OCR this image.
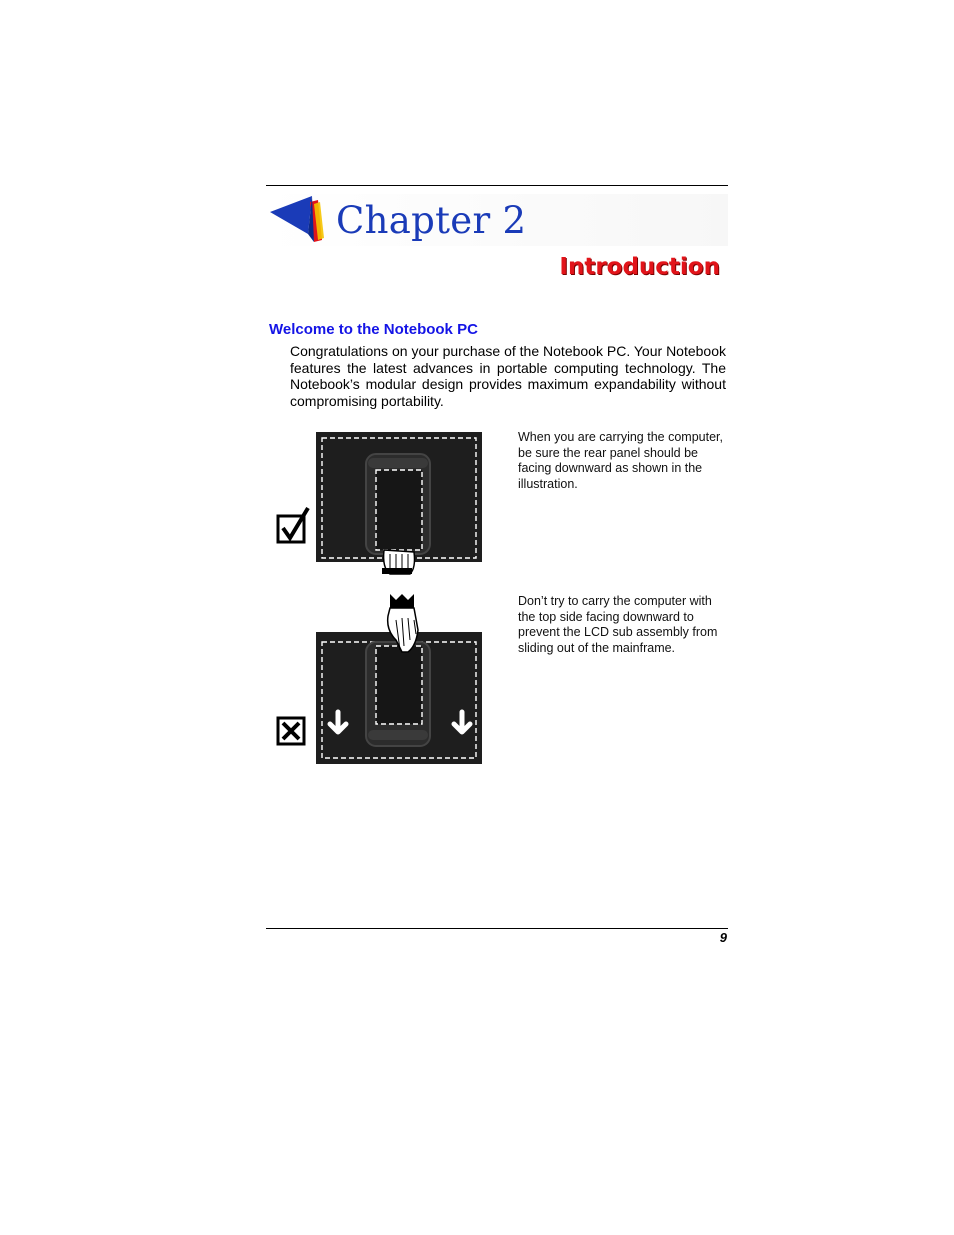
Chapter 2
Introduction
Welcome to the Notebook PC
Congratulations on your purchase of the Notebook PC. Your Notebook features the latest advances in portable computing technology. The Notebook’s modular design provides maximum expandability without compromising portability.
When you are carrying the computer, be sure the rear panel should be facing downward as shown in the illustration.
Don’t try to carry the computer with the top side facing downward to prevent the LCD sub assembly from sliding out of the mainframe.
9
